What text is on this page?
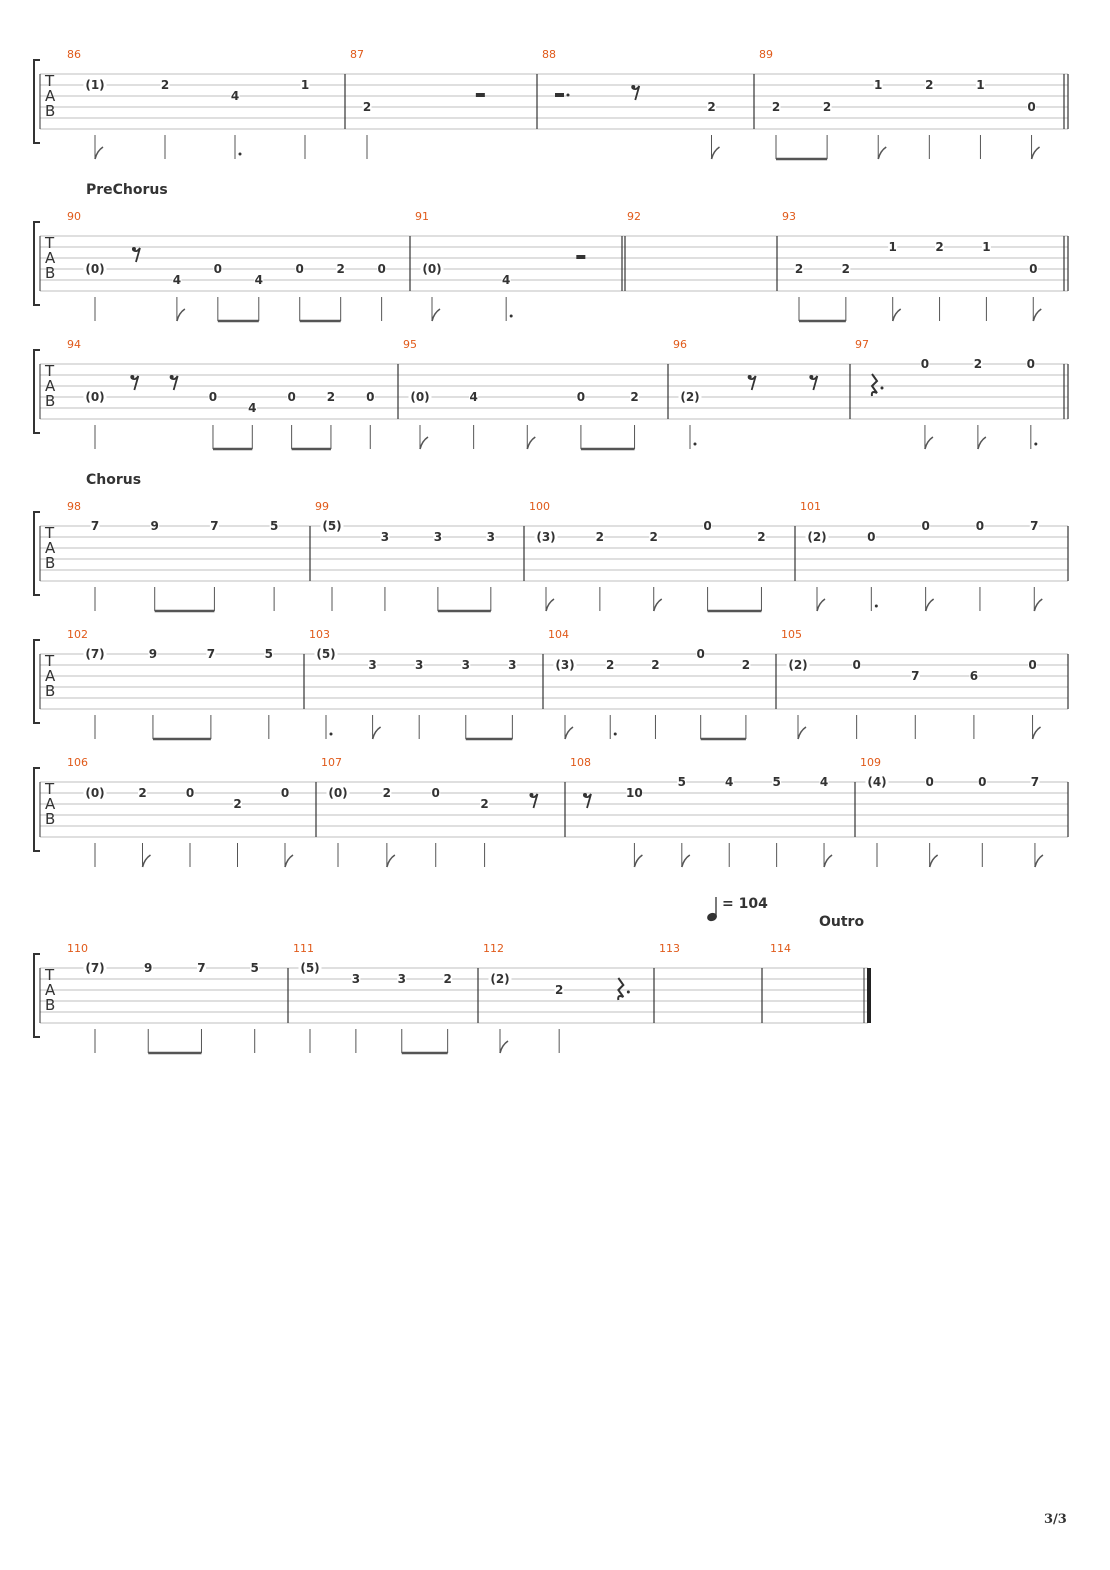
PreChorus
Chorus
Outro
= 104
3/3
T
A
B
86
(1)	2
4
1
87
2
88
2
89
2	2
1	2	1
0
T
A
B
90
(0)
4
0
4
0	2	0
91
(0)
4
92	93
2	2
1	2	1
0
T
A
B
94
(0)	0
4
0	2	0
95
(0)	4	0	2
96
(2)
97
0	2	0
T
A
B
98
7	9	7	5
99
(5)
3	3	3
100
(3)	2	2
0
2
101
(2)	0
0	0	7
T
A
B
102
(7)	9	7	5
103
(5)
3	3	3	3
104
(3)	2	2
0
2
105
(2)	0
7	6
0
T
A
B
106
(0)	2	0
2
0
107
(0)	2	0
2
108
10
5	4	5	4
109
(4)	0	0	7
T
A
B
110
(7)	9	7	5
111
(5)
3	3	2
112
(2)
2
113	114
